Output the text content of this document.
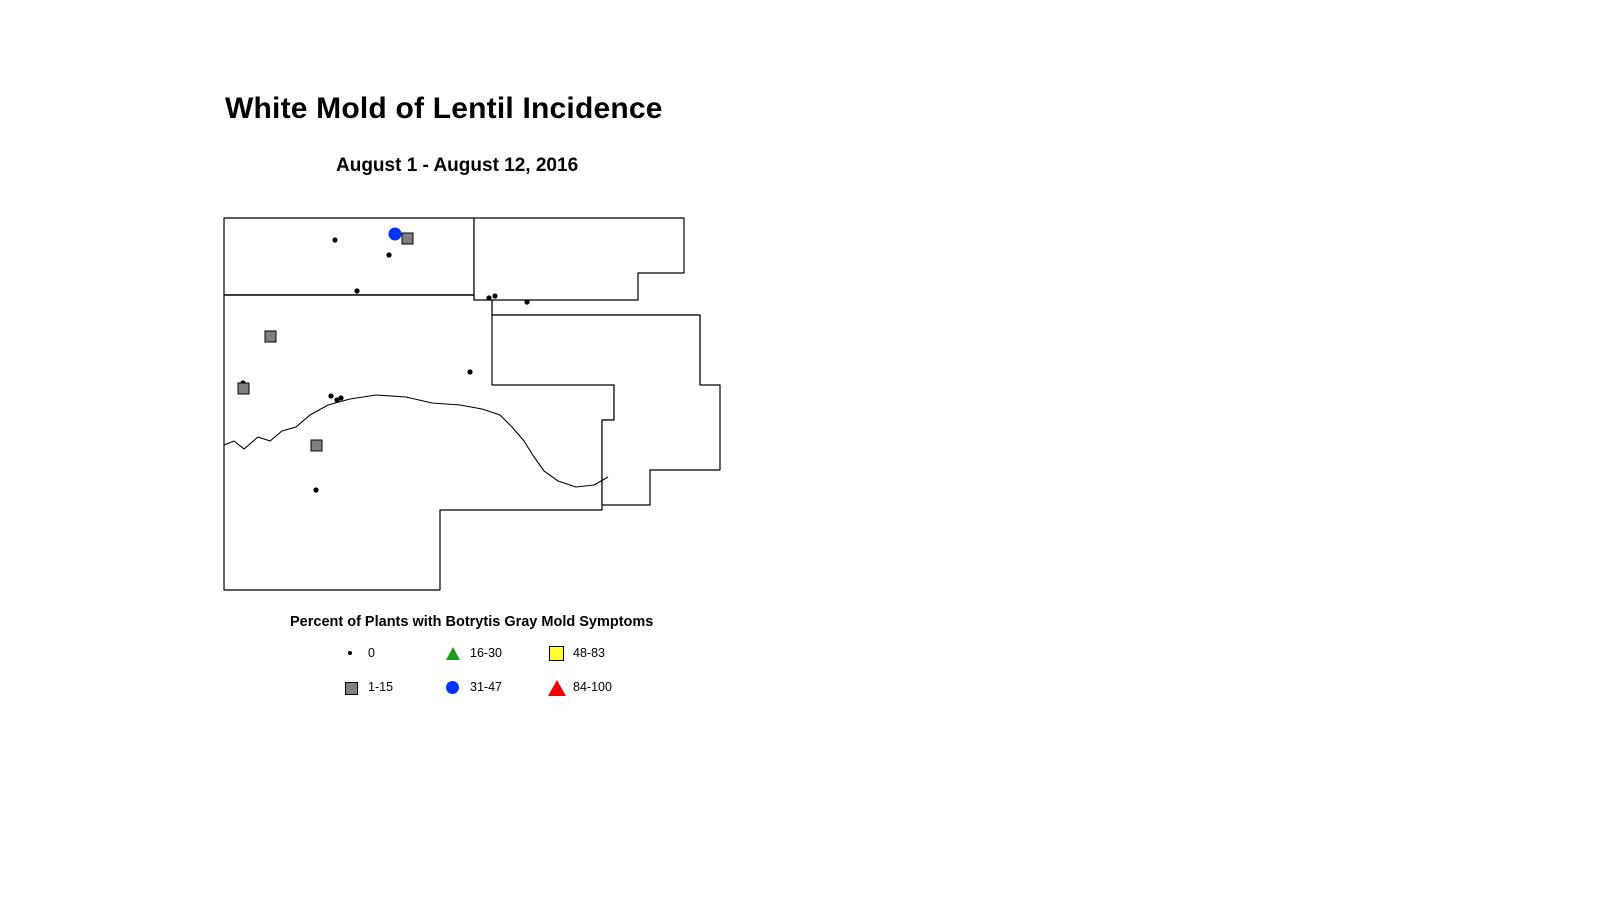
White Mold of Lentil Incidence
August 1 - August 12, 2016
Percent of Plants with Botrytis Gray Mold Symptoms
0
1-15
16-30
31-47
48-83
84-100
